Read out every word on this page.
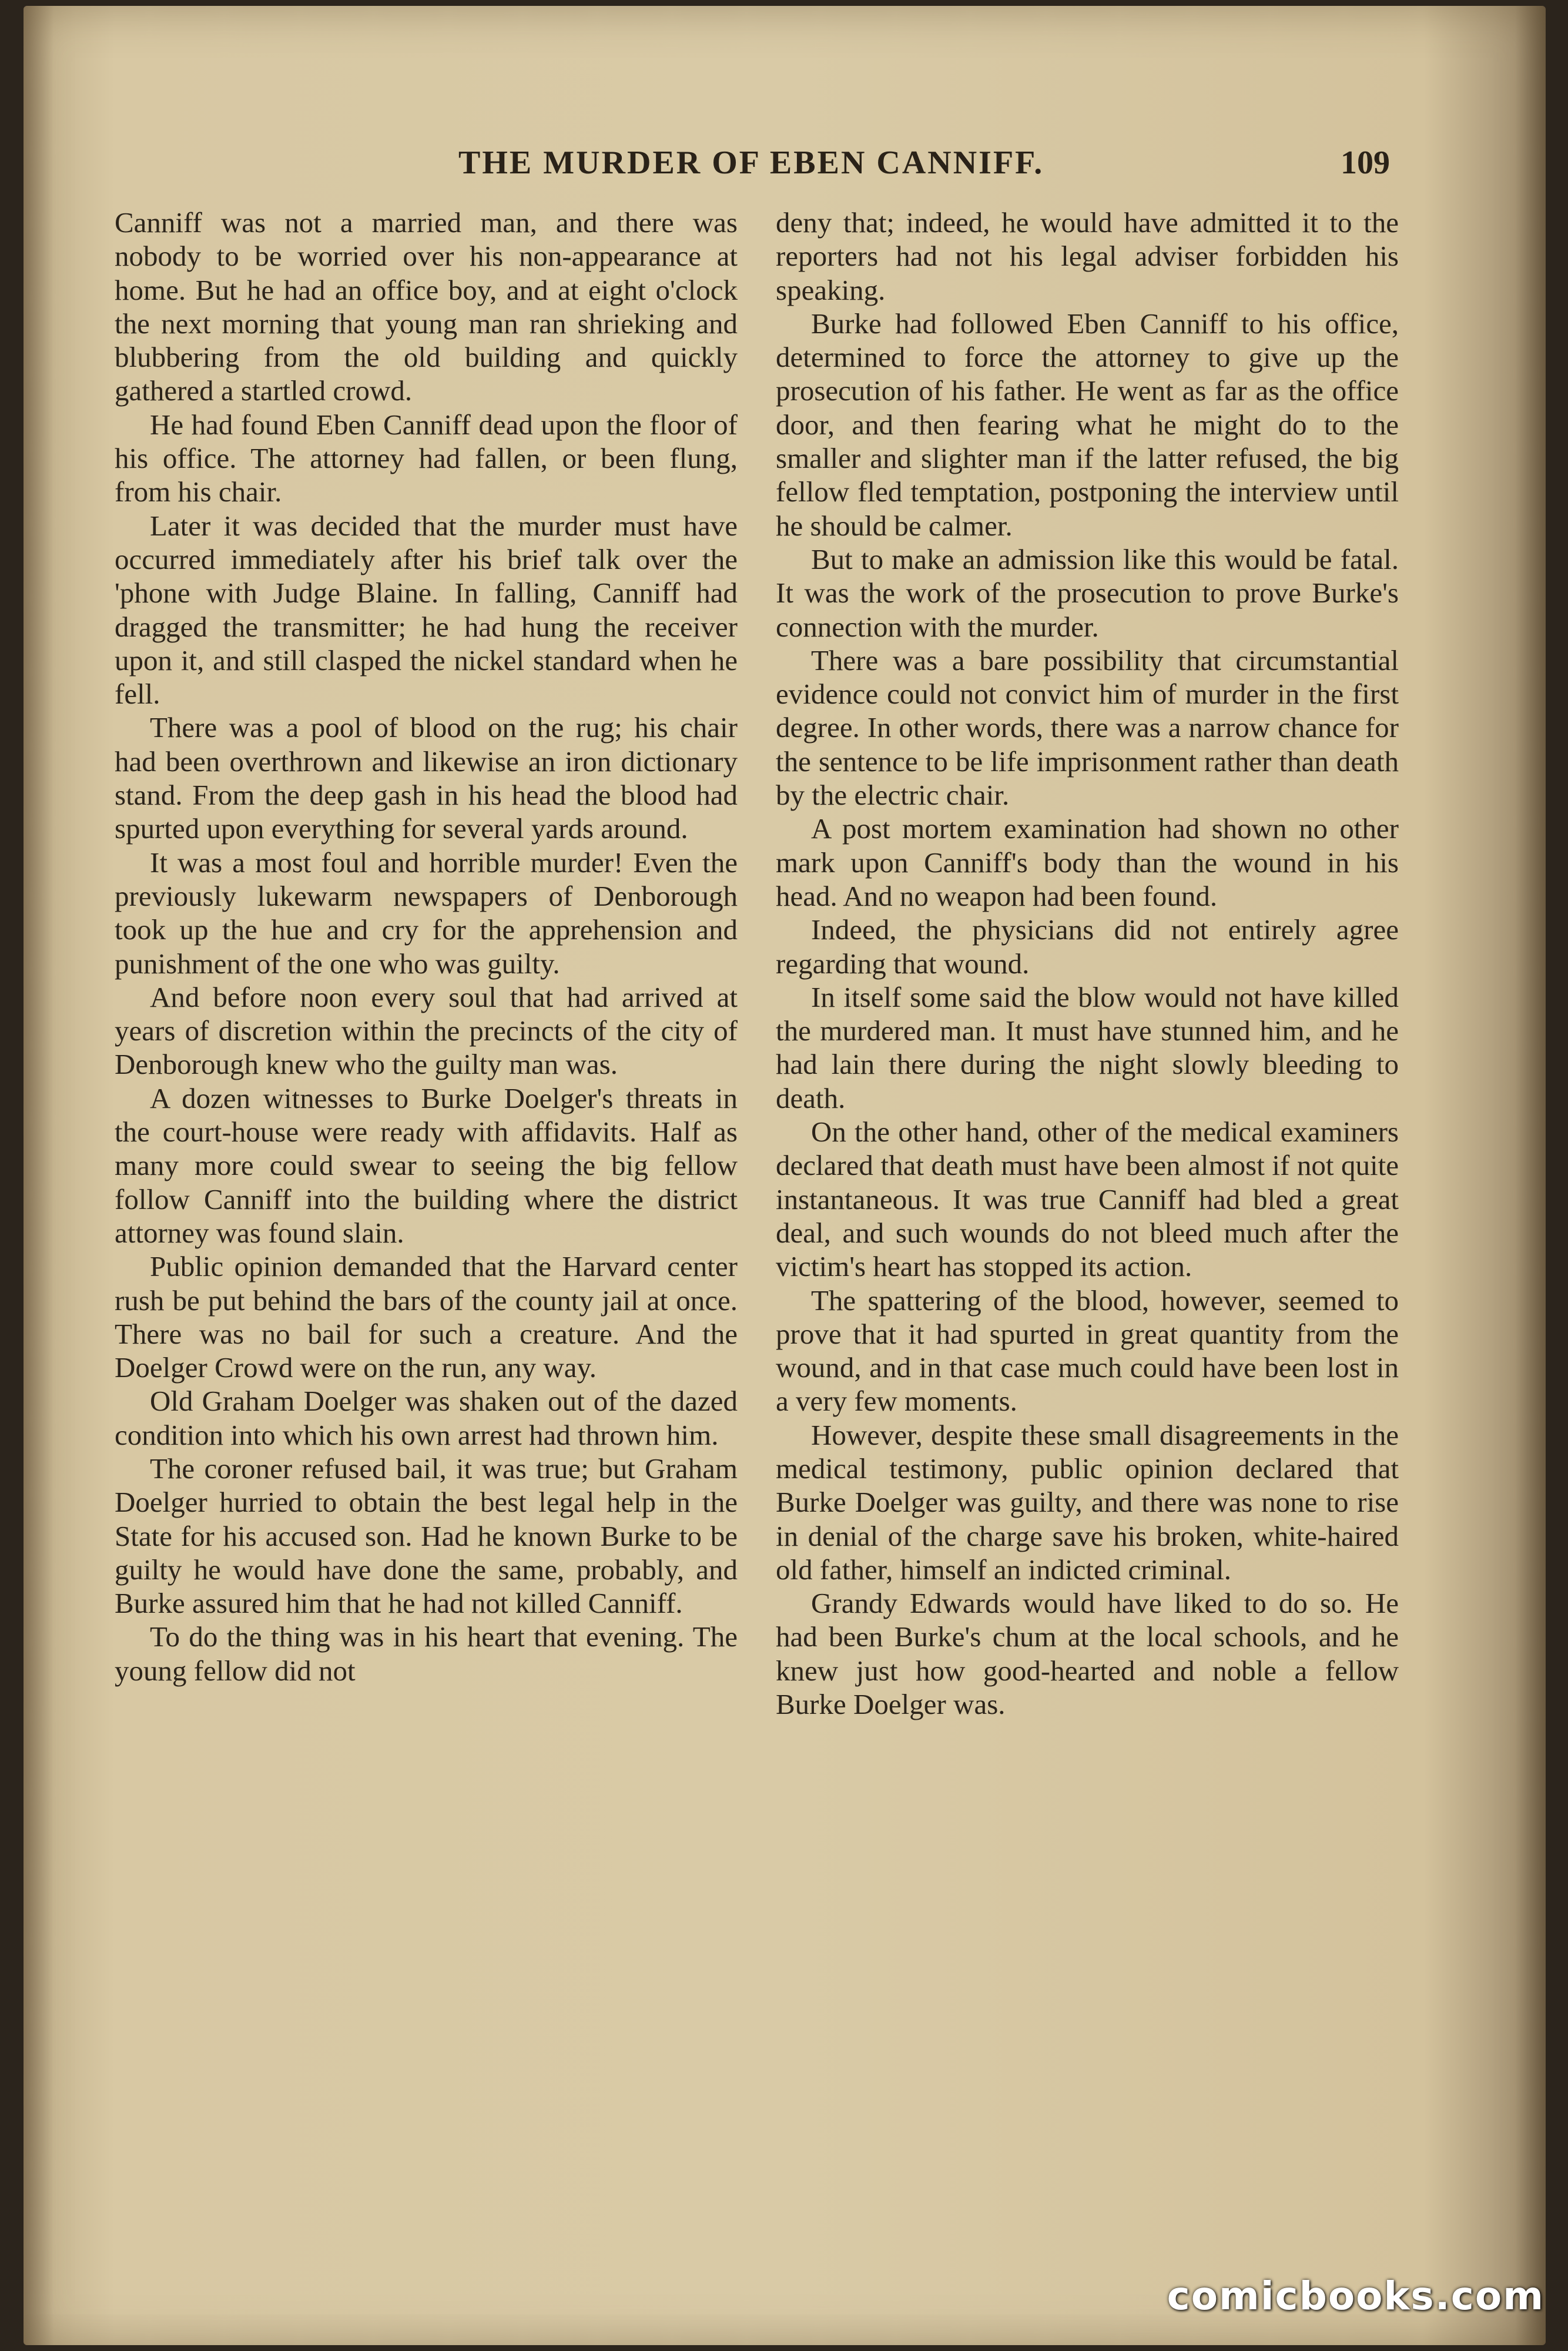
THE MURDER OF EBEN CANNIFF.	109

Canniff was not a married man, and there was nobody to be worried over his non-appearance at home. But he had an office boy, and at eight o'clock the next morning that young man ran shrieking and blubbering from the old building and quickly gathered a startled crowd.

He had found Eben Canniff dead upon the floor of his office. The attorney had fallen, or been flung, from his chair.

Later it was decided that the murder must have occurred immediately after his brief talk over the 'phone with Judge Blaine. In falling, Canniff had dragged the transmitter; he had hung the receiver upon it, and still clasped the nickel standard when he fell.

There was a pool of blood on the rug; his chair had been overthrown and likewise an iron dictionary stand. From the deep gash in his head the blood had spurted upon everything for several yards around.

It was a most foul and horrible murder! Even the previously lukewarm newspapers of Denborough took up the hue and cry for the apprehension and punishment of the one who was guilty.

And before noon every soul that had arrived at years of discretion within the precincts of the city of Denborough knew who the guilty man was.

A dozen witnesses to Burke Doelger's threats in the court-house were ready with affidavits. Half as many more could swear to seeing the big fellow follow Canniff into the building where the district attorney was found slain.

Public opinion demanded that the Harvard center rush be put behind the bars of the county jail at once. There was no bail for such a creature. And the Doelger Crowd were on the run, any way.

Old Graham Doelger was shaken out of the dazed condition into which his own arrest had thrown him.

The coroner refused bail, it was true; but Graham Doelger hurried to obtain the best legal help in the State for his accused son. Had he known Burke to be guilty he would have done the same, probably, and Burke assured him that he had not killed Canniff.

To do the thing was in his heart that evening. The young fellow did not

deny that; indeed, he would have admitted it to the reporters had not his legal adviser forbidden his speaking.

Burke had followed Eben Canniff to his office, determined to force the attorney to give up the prosecution of his father. He went as far as the office door, and then fearing what he might do to the smaller and slighter man if the latter refused, the big fellow fled temptation, postponing the interview until he should be calmer.

But to make an admission like this would be fatal. It was the work of the prosecution to prove Burke's connection with the murder.

There was a bare possibility that circumstantial evidence could not convict him of murder in the first degree. In other words, there was a narrow chance for the sentence to be life imprisonment rather than death by the electric chair.

A post mortem examination had shown no other mark upon Canniff's body than the wound in his head. And no weapon had been found.

Indeed, the physicians did not entirely agree regarding that wound.

In itself some said the blow would not have killed the murdered man. It must have stunned him, and he had lain there during the night slowly bleeding to death.

On the other hand, other of the medical examiners declared that death must have been almost if not quite instantaneous. It was true Canniff had bled a great deal, and such wounds do not bleed much after the victim's heart has stopped its action.

The spattering of the blood, however, seemed to prove that it had spurted in great quantity from the wound, and in that case much could have been lost in a very few moments.

However, despite these small disagreements in the medical testimony, public opinion declared that Burke Doelger was guilty, and there was none to rise in denial of the charge save his broken, white-haired old father, himself an indicted criminal.

Grandy Edwards would have liked to do so. He had been Burke's chum at the local schools, and he knew just how good-hearted and noble a fellow Burke Doelger was.

comicbooks.com
